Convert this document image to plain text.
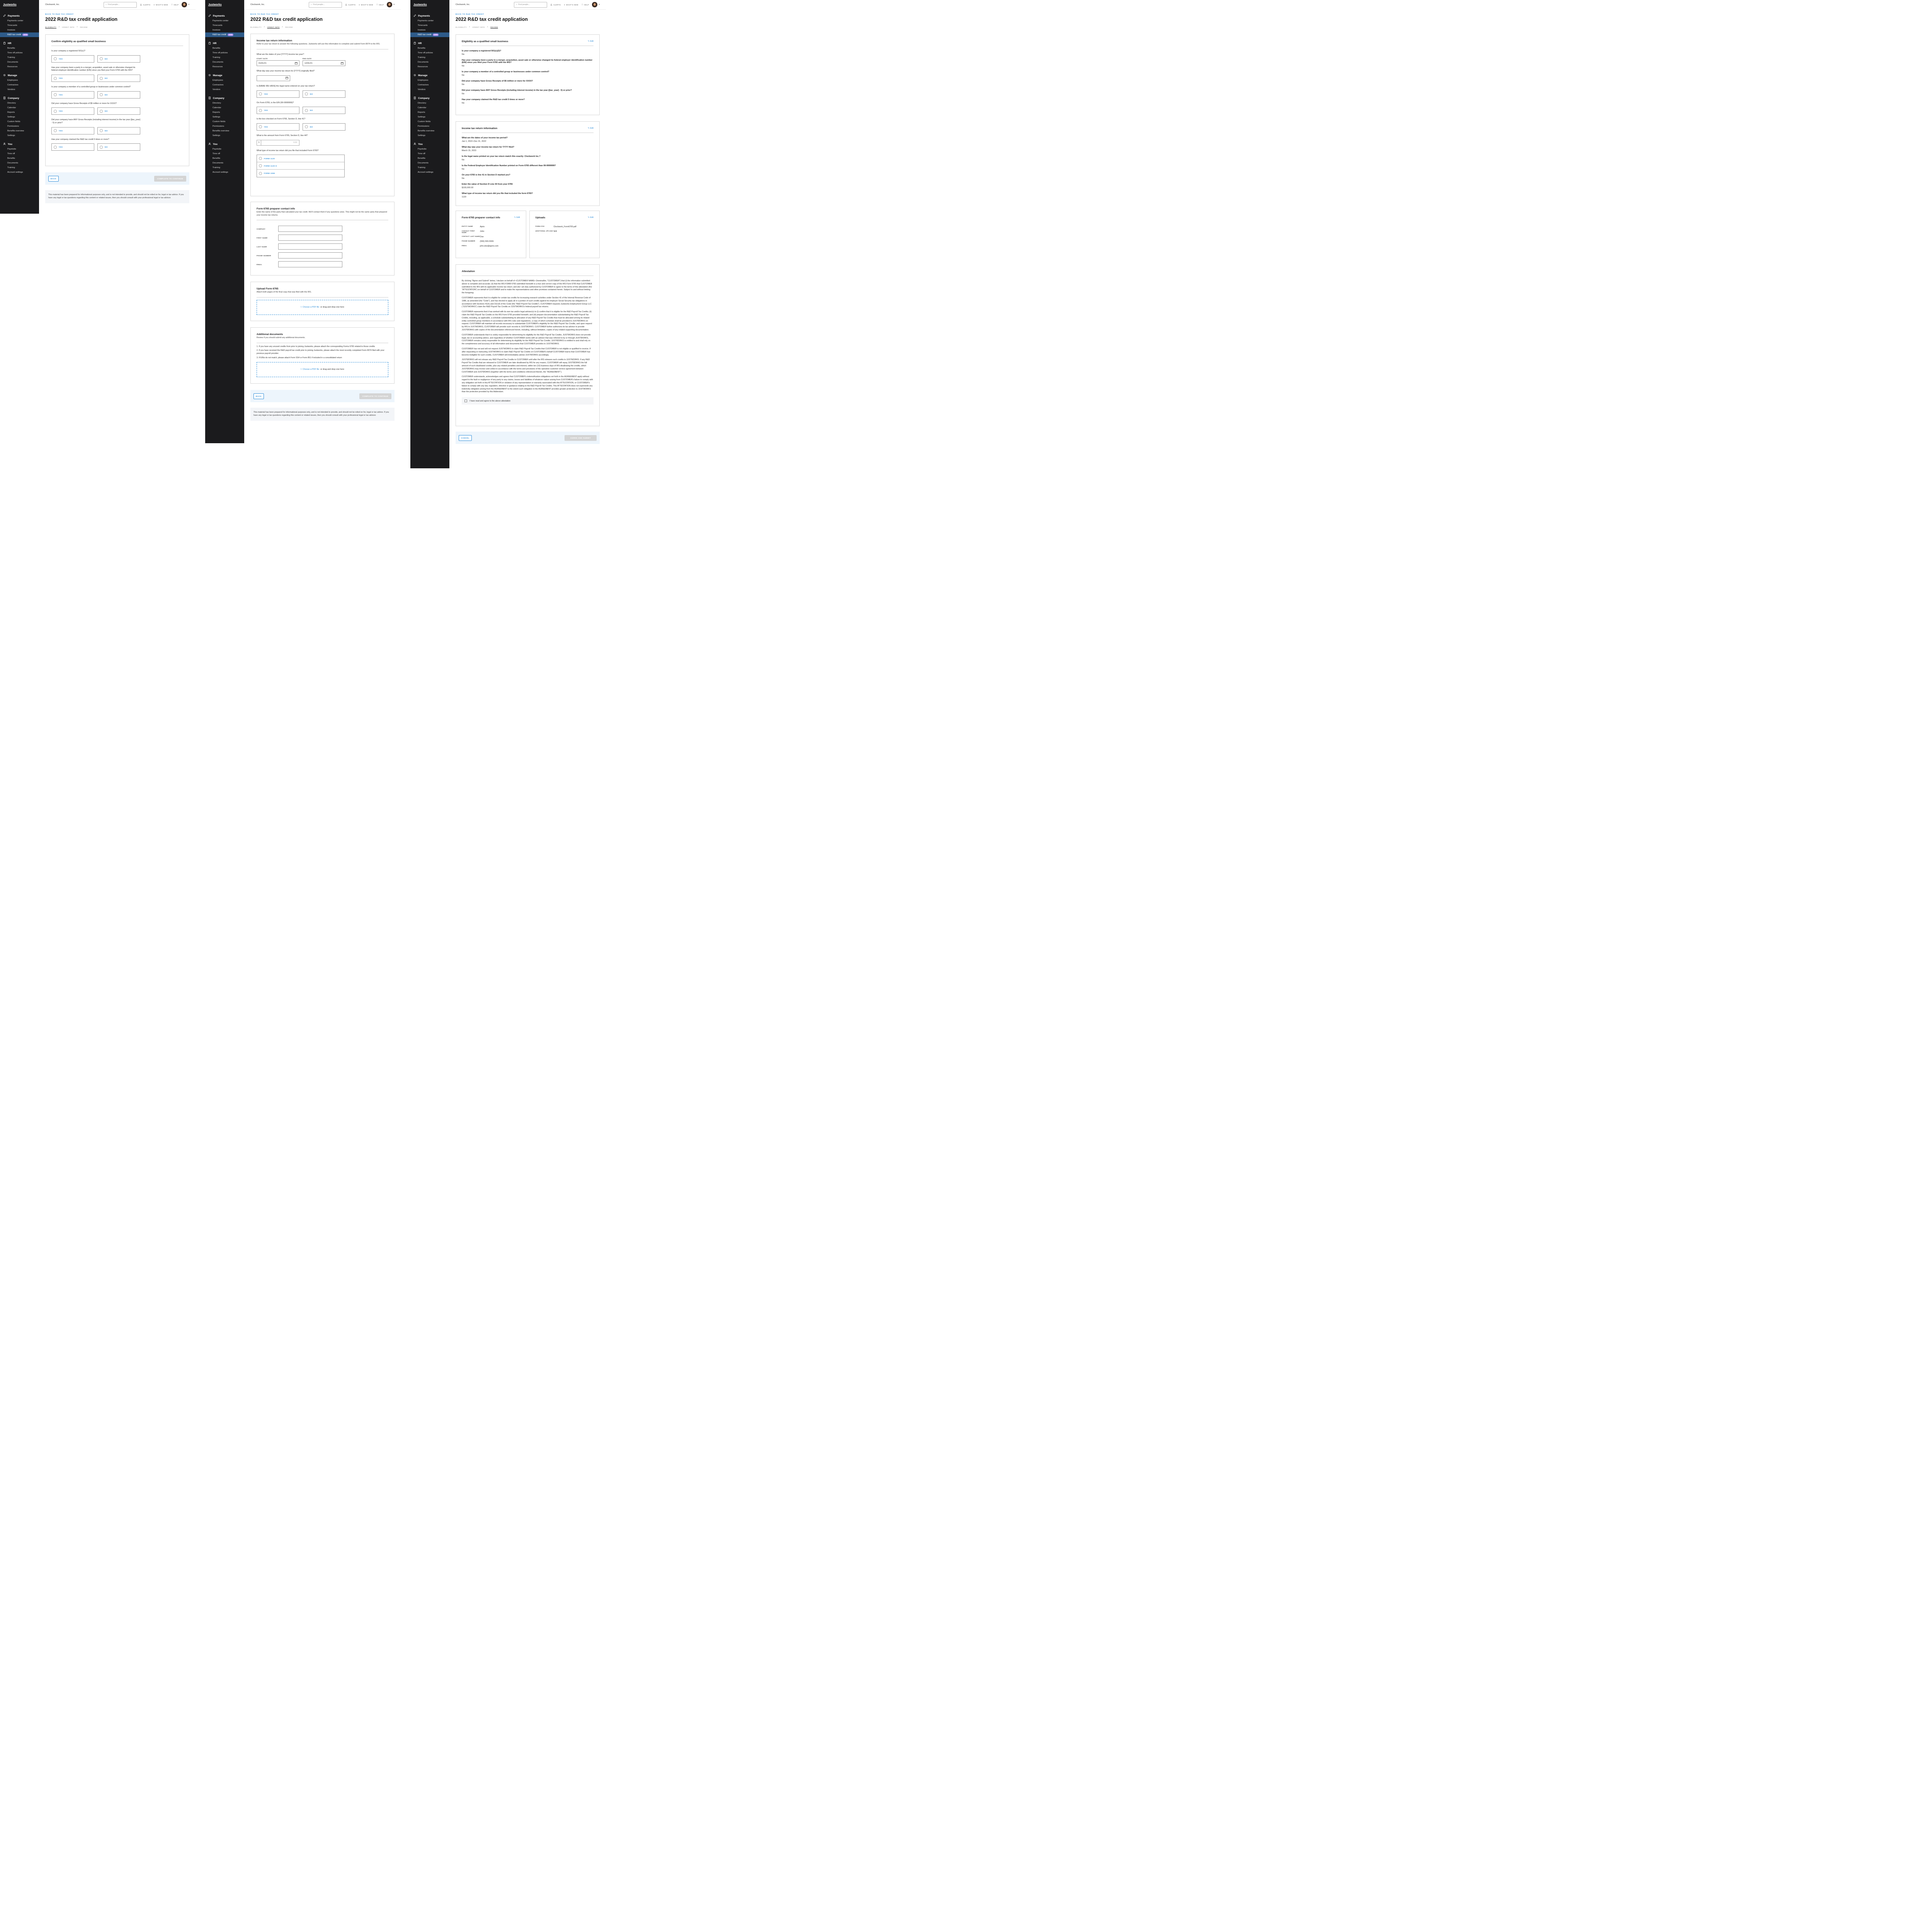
Justworks
Payments
Payments center
Timecards
Invoices
R&D tax credit	NEW
HR
Benefits
Time off policies
Training
Documents
Resources
Manage
Employees
Contractors
Vendors
Company
Directory
Calendar
Reports
Settings
Custom fields
Permissions
Benefits overview
Settings
You
Paystubs
Time off
Benefits
Documents
Training
Account settings
Clockwork, Inc.	⌕ Find people...	🔔︎ ALERTS ✦ WHAT'S NEW ⓘ HELP	▾
BACK TO R&D TAX CREDIT
2022 R&D tax credit application
ELIGIBILITY › CREDIT INFO › REVIEW
Confirm eligibility as qualified small business
Is your company a registered 501(c)?
YES	NO
Has your company been a party to a merger, acquisition, asset sale or otherwise changed its federal employer identification number (EIN) since you filed your Form 6765 with the IRS?
YES	NO
Is your company a member of a controlled group or businesses under common control?
YES	NO
Did your company have Gross Receipts of $5 million or more for XXXX?
YES	NO
Did your company have ANY Gross Receipts (including interest income) in the tax year ([tax_year] - 5) or prior?
YES	NO
Has your company claimed the R&D tax credit 5 times or more?
YES	NO
BACK	COMPLETE TO CONTINUE
This material has been prepared for informational purposes only, and is not intended to provide, and should not be relied on for, legal or tax advice. If you have any legal or tax questions regarding this content or related issues, then you should consult with your professional legal or tax advisor.
Justworks
Payments
Payments center
Timecards
Invoices
R&D tax credit	NEW
HR
Benefits
Time off policies
Training
Documents
Resources
Manage
Employees
Contractors
Vendors
Company
Directory
Calendar
Reports
Settings
Custom fields
Permissions
Benefits overview
Settings
You
Paystubs
Time off
Benefits
Documents
Training
Account settings
Clockwork, Inc.	⌕ Find people...	🔔︎ ALERTS ✦ WHAT'S NEW ⓘ HELP	▾
BACK TO R&D TAX CREDIT
2022 R&D tax credit application
ELIGIBILITY › CREDIT INFO › REVIEW
Income tax return information
Refer to your tax return to answer the following questions. Justworks will use this information to complete and submit Form 8974 to the IRS.
What are the dates of your [YYYY] income tax year?
START DATE
01/01/21
END DATE
12/31/21
What day was your income tax return for [YYYY] originally filed?
Is [NAME WE HAVE] the legal name entered on your tax return?
YES	NO
On Form 6765, is the EIN (99-9999999)?
YES	NO
Is the box checked on Form 6765, Section D, line 41?
YES	NO
What is the amount from Form 6765, Section D, line 44?
$	0.00
What type of income tax return did you file that included Form 6765?
FORM 1120
FORM 1120-S
FORM 1065
Form 6765 preparer contact info
Enter the name of the party that calculated your tax credit. We'll contact them if any questions arise. This might not be the same party that prepared your income tax returns.
COMPANY
FIRST NAME
LAST NAME
PHONE NUMBER
EMAIL
Upload Form 6765
Attach both pages of the final copy that was filed with the IRS.
⭱ Choose a PDF file or drag and drop one here
Additional documents
Review if you should submit any additional documents.
1. If you have any unused credits from prior to joining Justworks, please attach the corresponding Forms 6765 related to those credits
2. If you have received the R&D payroll tax credit prior to joining Justworks, please attach the most recently completed Form 8974 filed with your previous payroll provider.
3. If EINs do not match, please attach Form SS4 or Form 851 if included in a consolidated return
⭱ Choose a PDF file or drag and drop one here
BACK	COMPLETE TO CONTINUE
This material has been prepared for informational purposes only, and is not intended to provide, and should not be relied on for, legal or tax advice. If you have any legal or tax questions regarding this content or related issues, then you should consult with your professional legal or tax advisor.
Justworks
Payments
Payments center
Timecards
Invoices
R&D tax credit	NEW
HR
Benefits
Time off policies
Training
Documents
Resources
Manage
Employees
Contractors
Vendors
Company
Directory
Calendar
Reports
Settings
Custom fields
Permissions
Benefits overview
Settings
You
Paystubs
Time off
Benefits
Documents
Training
Account settings
Clockwork, Inc.	⌕ Find people...	🔔︎ ALERTS ✦ WHAT'S NEW ⓘ HELP	▾
BACK TO R&D TAX CREDIT
2022 R&D tax credit application
ELIGIBILITY › CREDIT INFO › REVIEW
Eligibility as a qualified small business	✎ Edit
Is your company a registered 501(c)(3)?
No
Has your company been a party to a merger, acquisition, asset sale or otherwise changed its federal employer identification number (EIN) since you filed your Form 6765 with the IRS?
No
Is your company a member of a controlled group or businesses under common control?
No
Did your company have Gross Receipts of $5 million or more for XXXX?
No
Did your company have ANY Gross Receipts (including interest income) in the tax year ([tax_year] - 5) or prior?
No
Has your company claimed the R&D tax credit 5 times or more?
No
Income tax return information	✎ Edit
What are the dates of your income tax period?
Jan 1, 2022–Dec 31, 2022
What day was your income tax return for YYYY filed?
March 15, 2023
Is the legal name printed on your tax return match this exactly: Clockwork Inc.?
No
Is the Federal Employer Identification Number printed on Form 6765 different than 99-9999999?
No
On your 6765 is line 41 in Section D marked yes?
No
Enter the value of Section D Line 44 from your 6765
$100,000.00
What type of income tax return did you file that included the form 6765?
1120
Form 6765 preparer contact info	✎ Edit
ENTITY NAME	Aprio
CONTACT FIRST NAME	John
CONTACT LAST NAME Doe
PHONE NUMBER	(555) 555-5555
EMAIL	john.doe@aprio.com
Uploads	✎ Edit
FORM 6765	Clockwork_Form6765.pdf
ADDITIONAL UPLOAD N/A
Attestation

By clicking "Agree and Submit" below, I declare on behalf of <CUSTOMER NAME> (hereinafter, "CUSTOMER") that (i) the information submitted above is complete and accurate; (ii) that the IRS FORM 6765 submitted herewith is a true and correct copy of the IRS Form 6765 that CUSTOMER submitted to the IRS with its applicable income tax return; and (iii) I am duly authorized by CUSTOMER to agree to the terms of this attestation (the "ATTESTATION") on behalf of CUSTOMER and to make the representations and other promises contained herein. Subject to and without limiting the foregoing:

CUSTOMER represents that it is eligible for certain tax credits for increasing research activities under Section 41 of the Internal Revenue Code of 1986, as amended (the "Code"), and has elected to apply all or a portion of such credits against its employer Social Security tax obligations in accordance with Sections 41(h) and 3111(f) of the Code (the "R&D Payroll Tax Credits"). CUSTOMER requests Justworks Employment Group LLC ("JUSTWORKS") claim the R&D Payroll Tax Credits on JUSTWORKS's federal payroll tax returns.

CUSTOMER represents that it has worked with its own tax and/or legal advisor(s) to (i) confirm that it is eligible for the R&D Payroll Tax Credits; (ii) claim the R&D Payroll Tax Credits on the IRS Form 6765 provided herewith; and (iii) prepare documentation substantiating the R&D Payroll Tax Credits, including, as applicable, a schedule substantiating its allocation of any R&D Payroll Tax Credits that must be allocated among its related entity controlled group members in accordance with IRS rules and regulations, a copy of which schedule shall be provided to JUSTWORKS on request. CUSTOMER will maintain all records necessary to substantiate CUSTOMER's eligibility for the R&D Payroll Tax Credits, and upon request by IRS to JUSTWORKS, CUSTOMER will provide such records to JUSTWORKS. CUSTOMER further authorizes its tax advisor to provide JUSTWORKS with copies of the documentation referenced herein, including, without limitation, copies of any related supporting documentation.

CUSTOMER understands that it is solely responsible for determining its eligibility for the R&D Payroll Tax Credits. JUSTWORKS does not provide legal, tax or accounting advice, and regardless of whether CUSTOMER works with an advisor that was referred to by or through JUSTWORKS, CUSTOMER remains solely responsible for determining its eligibility for the R&D Payroll Tax Credits. JUSTWORKS is entitled to and shall rely on the completeness and accuracy of all information and documents that CUSTOMER provides to JUSTWORKS.

CUSTOMER has not and will not request JUSTWORKS to claim R&D Payroll Tax Credits that CUSTOMER is not eligible or qualified to receive. If after requesting or instructing JUSTWORKS to claim R&D Payroll Tax Credits on CUSTOMER's behalf CUSTOMER learns that CUSTOMER has become ineligible for such credits, CUSTOMER will immediately advise JUSTWORKS accordingly.

JUSTWORKS will not release any R&D Payroll Tax Credits to CUSTOMER until after the IRS releases such credits to JUSTWORKS. If any R&D Payroll Tax Credits that are released to CUSTOMER are later disallowed by IRS for any reason, CUSTOMER will repay JUSTWORKS the full amount of such disallowed credits, plus any related penalties and interest, within ten (10) business days of IRS disallowing the credits, which JUSTWORKS may invoice and collect in accordance with the terms and provisions of the operative customer service agreement between CUSTOMER and JUSTWORKS (together with the terms and conditions referenced therein, the "AGREEMENT").

CUSTOMER understands, acknowledges and agrees that CUSTOMER's indemnification obligations set forth in the AGREEMENT apply without regard to the fault or negligence of any party to any claims, losses and liabilities of whatever nature arising from CUSTOMER's failure to comply with any obligation set forth in this ATTESTATION or violation of any representation or warranty associated with this ATTESTATION, or CUSTOMER's failure to comply with any law, regulation, directive or guidance relating to the R&D Payroll Tax Credits. This ATTESTATION does not supersede any indemnity obligation arising from the AGREEMENT to the extent such obligation in the AGREEMENT provides greater protection to JUSTWORKS than the protection provided by this Addendum.

I have read and agree to the above attestation
CANCEL	AGREE AND SUBMIT
